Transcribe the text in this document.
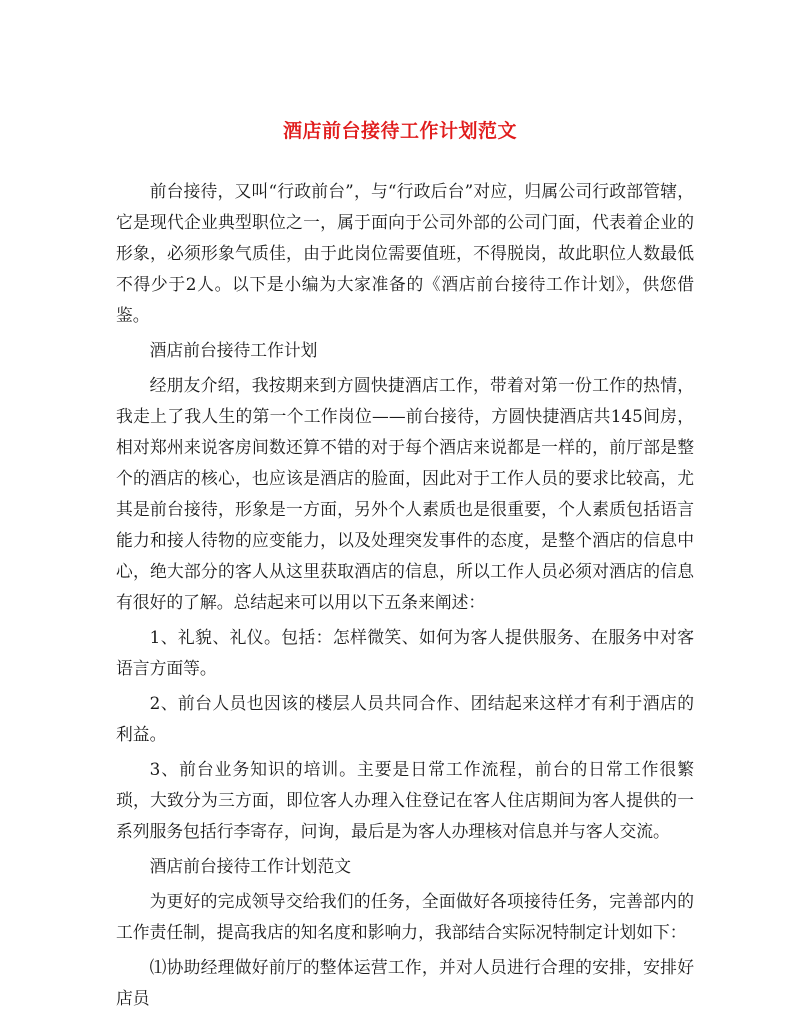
酒店前台接待工作计划范文

前台接待，又叫“行政前台”，与“行政后台”对应，归属公司行政部管辖，它是现代企业典型职位之一，属于面向于公司外部的公司门面，代表着企业的形象，必须形象气质佳，由于此岗位需要值班，不得脱岗，故此职位人数最低不得少于2人。以下是小编为大家准备的《酒店前台接待工作计划》，供您借鉴。

酒店前台接待工作计划

经朋友介绍，我按期来到方圆快捷酒店工作，带着对第一份工作的热情，我走上了我人生的第一个工作岗位——前台接待，方圆快捷酒店共145间房，相对郑州来说客房间数还算不错的对于每个酒店来说都是一样的，前厅部是整个的酒店的核心，也应该是酒店的脸面，因此对于工作人员的要求比较高，尤其是前台接待，形象是一方面，另外个人素质也是很重要，个人素质包括语言能力和接人待物的应变能力，以及处理突发事件的态度，是整个酒店的信息中心，绝大部分的客人从这里获取酒店的信息，所以工作人员必须对酒店的信息有很好的了解。总结起来可以用以下五条来阐述：

1、礼貌、礼仪。包括：怎样微笑、如何为客人提供服务、在服务中对客语言方面等。

2、前台人员也因该的楼层人员共同合作、团结起来这样才有利于酒店的利益。

3、前台业务知识的培训。主要是日常工作流程，前台的日常工作很繁琐，大致分为三方面，即位客人办理入住登记在客人住店期间为客人提供的一系列服务包括行李寄存，问询，最后是为客人办理核对信息并与客人交流。

酒店前台接待工作计划范文

为更好的完成领导交给我们的任务，全面做好各项接待任务，完善部内的工作责任制，提高我店的知名度和影响力，我部结合实际况特制定计划如下：

⑴协助经理做好前厅的整体运营工作，并对人员进行合理的安排，安排好店员
